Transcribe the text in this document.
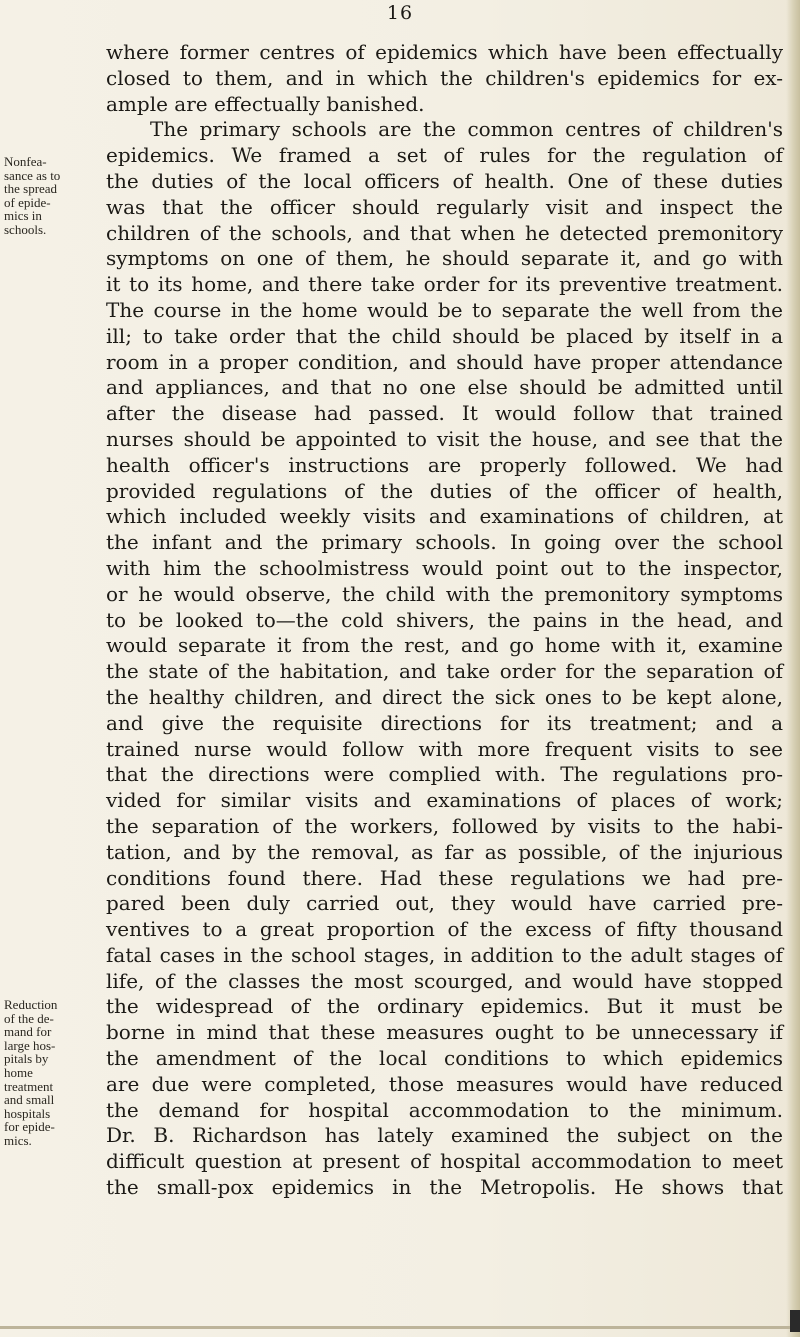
16
Nonfea-
sance as to
the spread
of epide-
mics in
schools.
Reduction
of the de-
mand for
large hos-
pitals by
home
treatment
and small
hospitals
for epide-
mics.
where former centres of epidemics which have been effectually
closed to them, and in which the children's epidemics for ex-
ample are effectually banished.
The primary schools are the common centres of children's
epidemics. We framed a set of rules for the regulation of
the duties of the local officers of health. One of these duties
was that the officer should regularly visit and inspect the
children of the schools, and that when he detected premonitory
symptoms on one of them, he should separate it, and go with
it to its home, and there take order for its preventive treatment.
The course in the home would be to separate the well from the
ill; to take order that the child should be placed by itself in a
room in a proper condition, and should have proper attendance
and appliances, and that no one else should be admitted until
after the disease had passed. It would follow that trained
nurses should be appointed to visit the house, and see that the
health officer's instructions are properly followed. We had
provided regulations of the duties of the officer of health,
which included weekly visits and examinations of children, at
the infant and the primary schools. In going over the school
with him the schoolmistress would point out to the inspector,
or he would observe, the child with the premonitory symptoms
to be looked to—the cold shivers, the pains in the head, and
would separate it from the rest, and go home with it, examine
the state of the habitation, and take order for the separation of
the healthy children, and direct the sick ones to be kept alone,
and give the requisite directions for its treatment; and a
trained nurse would follow with more frequent visits to see
that the directions were complied with. The regulations pro-
vided for similar visits and examinations of places of work;
the separation of the workers, followed by visits to the habi-
tation, and by the removal, as far as possible, of the injurious
conditions found there. Had these regulations we had pre-
pared been duly carried out, they would have carried pre-
ventives to a great proportion of the excess of fifty thousand
fatal cases in the school stages, in addition to the adult stages of
life, of the classes the most scourged, and would have stopped
the widespread of the ordinary epidemics. But it must be
borne in mind that these measures ought to be unnecessary if
the amendment of the local conditions to which epidemics
are due were completed, those measures would have reduced
the demand for hospital accommodation to the minimum.
Dr. B. Richardson has lately examined the subject on the
difficult question at present of hospital accommodation to meet
the small-pox epidemics in the Metropolis. He shows that
